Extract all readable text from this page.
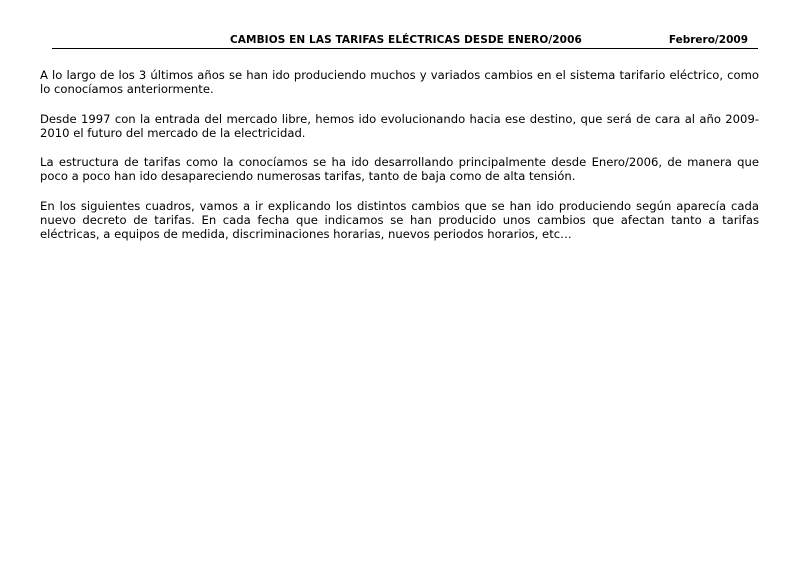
CAMBIOS EN LAS TARIFAS ELÉCTRICAS DESDE ENERO/2006	Febrero/2009

A lo largo de los 3 últimos años se han ido produciendo muchos y variados cambios en el sistema tarifario eléctrico, como lo conocíamos anteriormente.

Desde 1997 con la entrada del mercado libre, hemos ido evolucionando hacia ese destino, que será de cara al año 2009-2010 el futuro del mercado de la electricidad.

La estructura de tarifas como la conocíamos se ha ido desarrollando principalmente desde Enero/2006, de manera que poco a poco han ido desapareciendo numerosas tarifas, tanto de baja como de alta tensión.

En los siguientes cuadros, vamos a ir explicando los distintos cambios que se han ido produciendo según aparecía cada nuevo decreto de tarifas. En cada fecha que indicamos se han producido unos cambios que afectan tanto a tarifas eléctricas, a equipos de medida, discriminaciones horarias, nuevos periodos horarios, etc…
